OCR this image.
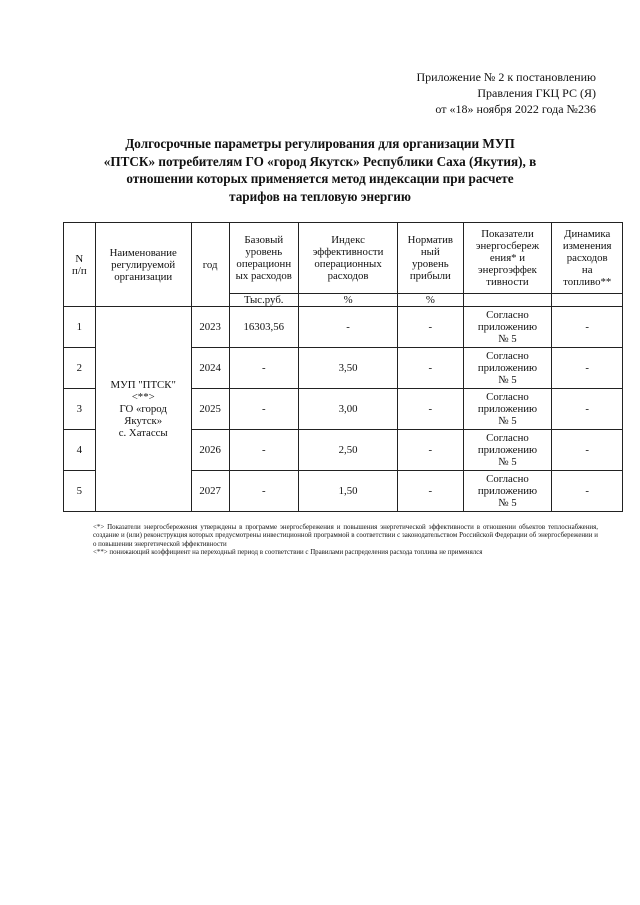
Приложение № 2 к постановлению
Правления ГКЦ РС (Я)
от «18» ноября 2022 года №236
Долгосрочные параметры регулирования для организации МУП
«ПТСК» потребителям ГО «город Якутск» Республики Саха (Якутия), в
отношении которых применяется метод индексации при расчете
тарифов на тепловую энергию
N
п/п	Наименование
регулируемой
организации	год	Базовый
уровень
операционн
ых расходов	Индекс
эффективности
операционных
расходов	Норматив
ный
уровень
прибыли	Показатели
энергосбереж
ения* и
энергоэффек
тивности	Динамика
изменения
расходов
на
топливо**
			Тыс.руб.	%	%		
1	МУП "ПТСК"
<**>
ГО «город
Якутск»
с. Хатассы	2023	16303,56	-	-	Согласно
приложению
№ 5	-
2		2024	-	3,50	-	Согласно
приложению
№ 5	-
3		2025	-	3,00	-	Согласно
приложению
№ 5	-
4		2026	-	2,50	-	Согласно
приложению
№ 5	-
5		2027	-	1,50	-	Согласно
приложению
№ 5	-

<*> Показатели энергосбережения утверждены в программе энергосбережения и повышения энергетической эффективности в отношении объектов теплоснабжения, создание и (или) реконструкция которых предусмотрены инвестиционной программой в соответствии с законодательством Российской Федерации об энергосбережении и о повышении энергетической эффективности

<**> понижающий коэффициент на переходный период в соответствии с Правилами распределения расхода топлива не применялся
